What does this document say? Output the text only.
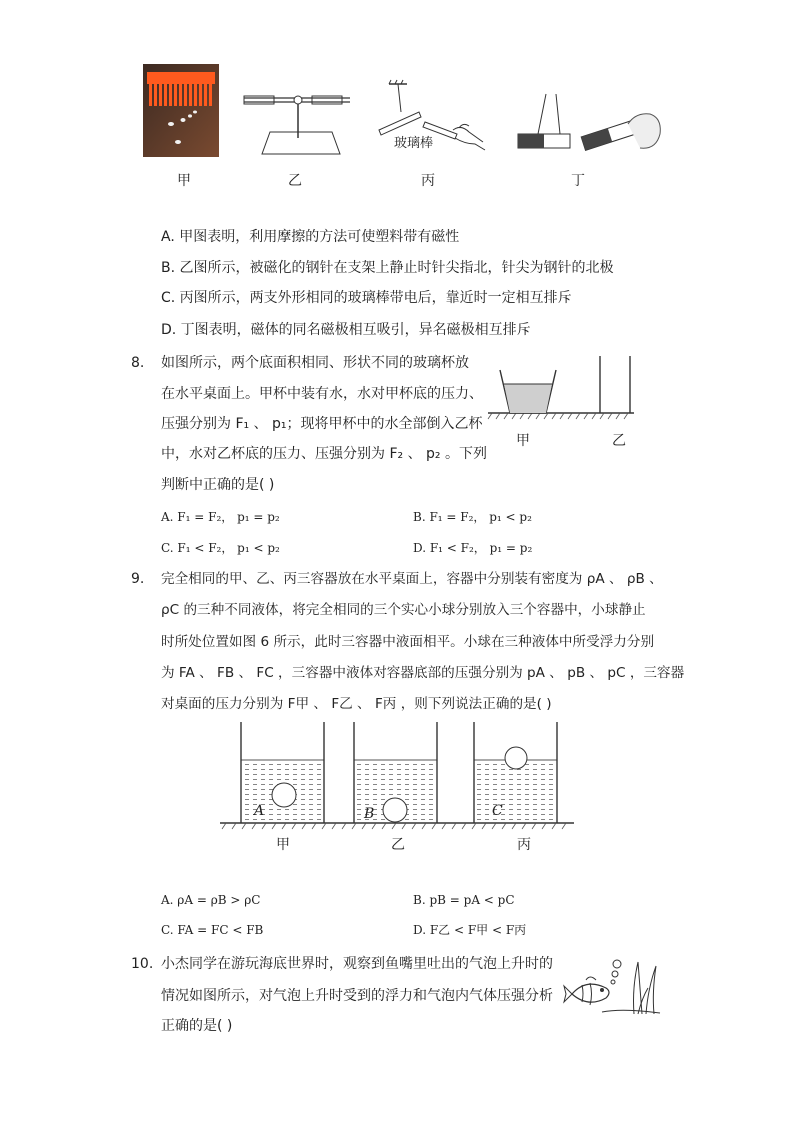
玻璃棒
甲	乙	丙	丁
A. 甲图表明，利用摩擦的方法可使塑料带有磁性
B. 乙图所示，被磁化的钢针在支架上静止时针尖指北，针尖为钢针的北极
C. 丙图所示，两支外形相同的玻璃棒带电后，靠近时一定相互排斥
D. 丁图表明，磁体的同名磁极相互吸引，异名磁极相互排斥
8. 如图所示，两个底面积相同、形状不同的玻璃杯放
在水平桌面上。甲杯中装有水，水对甲杯底的压力、
压强分别为 F₁ 、 p₁；现将甲杯中的水全部倒入乙杯
中，水对乙杯底的压力、压强分别为 F₂ 、 p₂ 。下列
判断中正确的是( )
甲	乙
A. F₁ = F₂， p₁ = p₂	B. F₁ = F₂， p₁ < p₂
C. F₁ < F₂， p₁ < p₂	D. F₁ < F₂， p₁ = p₂
9. 完全相同的甲、乙、丙三容器放在水平桌面上，容器中分别装有密度为 ρA 、 ρB 、
ρC 的三种不同液体，将完全相同的三个实心小球分别放入三个容器中，小球静止
时所处位置如图 6 所示，此时三容器中液面相平。小球在三种液体中所受浮力分别
为 FA 、 FB 、 FC ，三容器中液体对容器底部的压强分别为 pA 、 pB 、 pC ，三容器
对桌面的压力分别为 F甲 、 F乙 、 F丙 ，则下列说法正确的是( )
A	B	C
甲	乙	丙
A. ρA = ρB > ρC	B. pB = pA < pC
C. FA = FC < FB	D. F乙 < F甲 < F丙
10. 小杰同学在游玩海底世界时，观察到鱼嘴里吐出的气泡上升时的
情况如图所示，对气泡上升时受到的浮力和气泡内气体压强分析
正确的是( )
